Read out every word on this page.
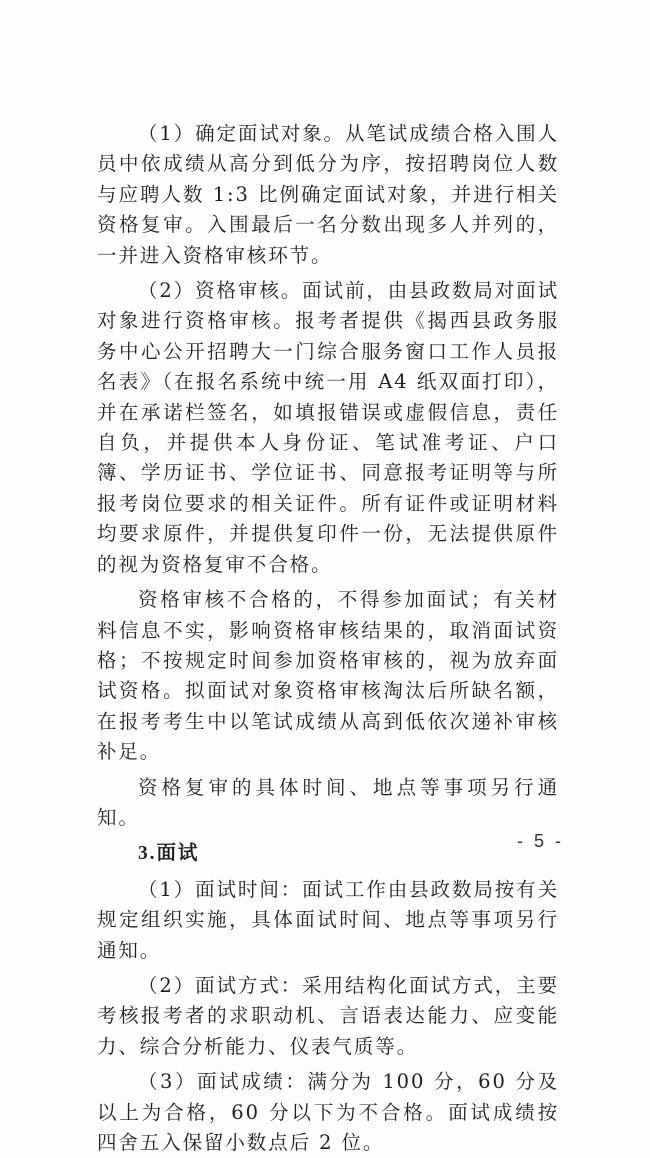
（1）确定面试对象。从笔试成绩合格入围人员中依成绩从高分到低分为序，按招聘岗位人数与应聘人数 1:3 比例确定面试对象，并进行相关资格复审。入围最后一名分数出现多人并列的，一并进入资格审核环节。

（2）资格审核。面试前，由县政数局对面试对象进行资格审核。报考者提供《揭西县政务服务中心公开招聘大一门综合服务窗口工作人员报名表》（在报名系统中统一用 A4 纸双面打印），并在承诺栏签名，如填报错误或虚假信息，责任自负，并提供本人身份证、笔试准考证、户口簿、学历证书、学位证书、同意报考证明等与所报考岗位要求的相关证件。所有证件或证明材料均要求原件，并提供复印件一份，无法提供原件的视为资格复审不合格。

资格审核不合格的，不得参加面试；有关材料信息不实，影响资格审核结果的，取消面试资格；不按规定时间参加资格审核的，视为放弃面试资格。拟面试对象资格审核淘汰后所缺名额，在报考考生中以笔试成绩从高到低依次递补审核补足。

资格复审的具体时间、地点等事项另行通知。

3.面试

（1）面试时间：面试工作由县政数局按有关规定组织实施，具体面试时间、地点等事项另行通知。

（2）面试方式：采用结构化面试方式，主要考核报考者的求职动机、言语表达能力、应变能力、综合分析能力、仪表气质等。

（3）面试成绩：满分为 100 分，60 分及以上为合格，60 分以下为不合格。面试成绩按四舍五入保留小数点后 2 位。

- 5 -
